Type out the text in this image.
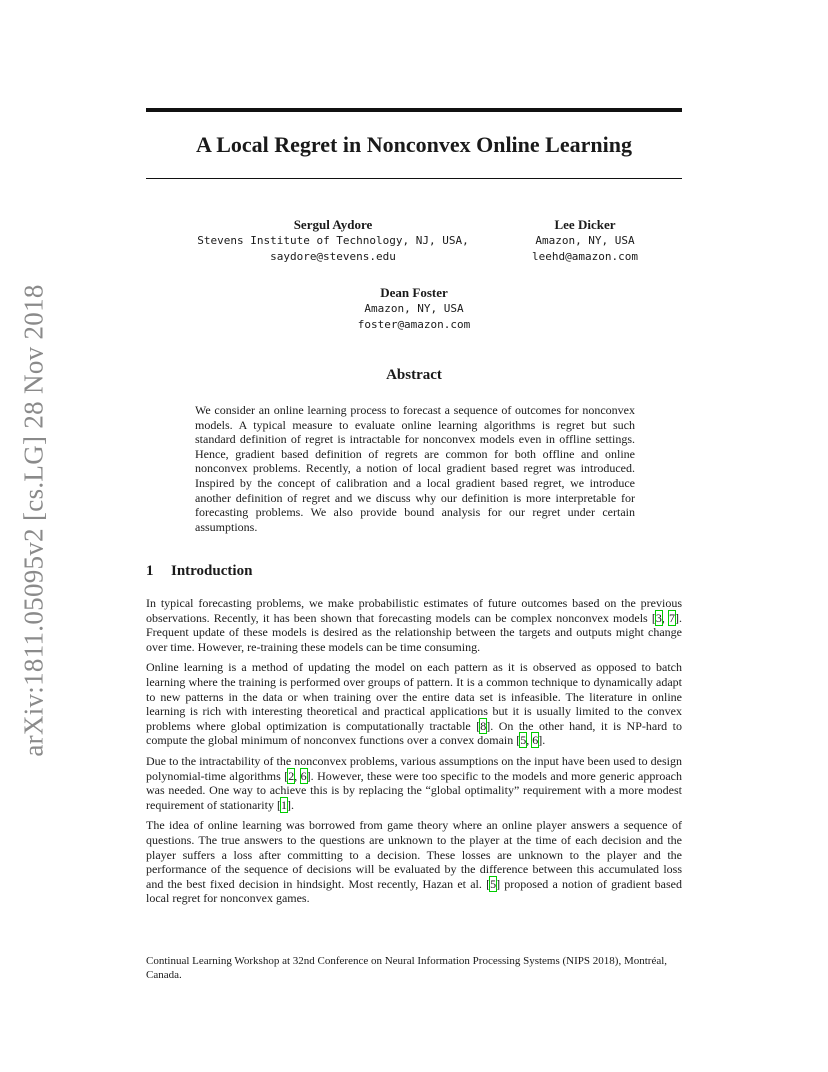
arXiv:1811.05095v2 [cs.LG] 28 Nov 2018
A Local Regret in Nonconvex Online Learning
Sergul Aydore
Stevens Institute of Technology, NJ, USA,
saydore@stevens.edu
Lee Dicker
Amazon, NY, USA
leehd@amazon.com
Dean Foster
Amazon, NY, USA
foster@amazon.com
Abstract
We consider an online learning process to forecast a sequence of outcomes for nonconvex models. A typical measure to evaluate online learning algorithms is regret but such standard definition of regret is intractable for nonconvex models even in offline settings. Hence, gradient based definition of regrets are common for both offline and online nonconvex problems. Recently, a notion of local gradient based regret was introduced. Inspired by the concept of calibration and a local gradient based regret, we introduce another definition of regret and we discuss why our definition is more interpretable for forecasting problems. We also provide bound analysis for our regret under certain assumptions.
1 Introduction

In typical forecasting problems, we make probabilistic estimates of future outcomes based on the previous observations. Recently, it has been shown that forecasting models can be complex nonconvex models [3, 7]. Frequent update of these models is desired as the relationship between the targets and outputs might change over time. However, re-training these models can be time consuming.

Online learning is a method of updating the model on each pattern as it is observed as opposed to batch learning where the training is performed over groups of pattern. It is a common technique to dynamically adapt to new patterns in the data or when training over the entire data set is infeasible. The literature in online learning is rich with interesting theoretical and practical applications but it is usually limited to the convex problems where global optimization is computationally tractable [8]. On the other hand, it is NP-hard to compute the global minimum of nonconvex functions over a convex domain [5, 6].

Due to the intractability of the nonconvex problems, various assumptions on the input have been used to design polynomial-time algorithms [2, 6]. However, these were too specific to the models and more generic approach was needed. One way to achieve this is by replacing the “global optimality” requirement with a more modest requirement of stationarity [1].

The idea of online learning was borrowed from game theory where an online player answers a sequence of questions. The true answers to the questions are unknown to the player at the time of each decision and the player suffers a loss after committing to a decision. These losses are unknown to the player and the performance of the sequence of decisions will be evaluated by the difference between this accumulated loss and the best fixed decision in hindsight. Most recently, Hazan et al. [5] proposed a notion of gradient based local regret for nonconvex games.

Continual Learning Workshop at 32nd Conference on Neural Information Processing Systems (NIPS 2018), Montréal, Canada.
